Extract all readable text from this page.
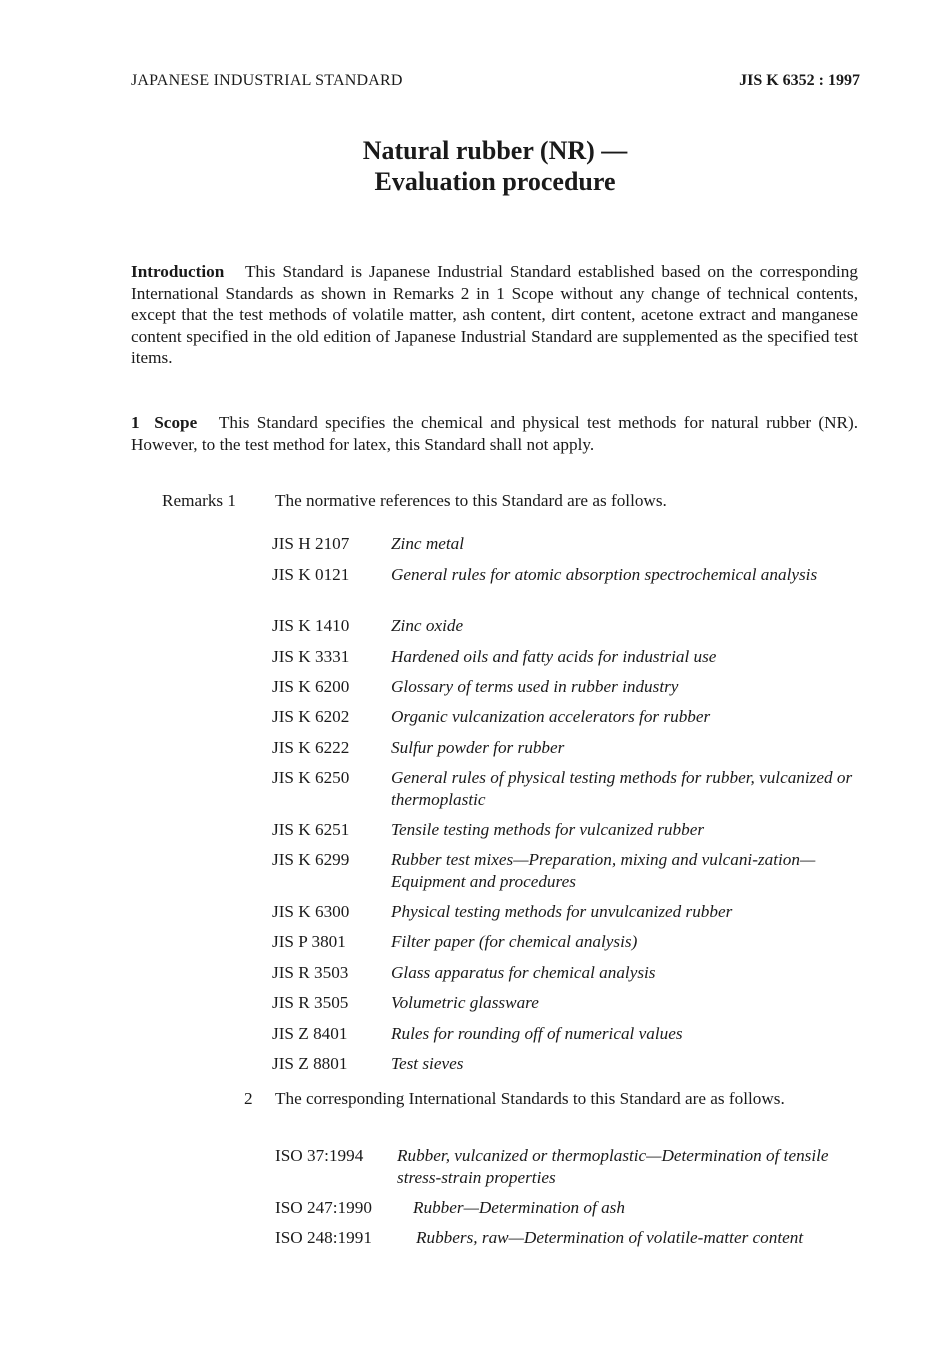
JAPANESE INDUSTRIAL STANDARD	JIS K 6352 : 1997
Natural rubber (NR) —
Evaluation procedure

Introduction This Standard is Japanese Industrial Standard established based on the corresponding International Standards as shown in Remarks 2 in 1 Scope without any change of technical contents, except that the test methods of volatile matter, ash content, dirt content, acetone extract and manganese content specified in the old edition of Japanese Industrial Standard are supplemented as the specified test items.

1 Scope This Standard specifies the chemical and physical test methods for natural rubber (NR). However, to the test method for latex, this Standard shall not apply.

Remarks 1 The normative references to this Standard are as follows.
JIS H 2107 Zinc metal
JIS K 0121 General rules for atomic absorption spectrochemical analysis
JIS K 1410 Zinc oxide
JIS K 3331 Hardened oils and fatty acids for industrial use
JIS K 6200 Glossary of terms used in rubber industry
JIS K 6202 Organic vulcanization accelerators for rubber
JIS K 6222 Sulfur powder for rubber
JIS K 6250 General rules of physical testing methods for rubber, vulcanized or thermoplastic
JIS K 6251 Tensile testing methods for vulcanized rubber
JIS K 6299 Rubber test mixes—Preparation, mixing and vulcani-zation—Equipment and procedures
JIS K 6300 Physical testing methods for unvulcanized rubber
JIS P 3801	Filter paper (for chemical analysis)
JIS R 3503 Glass apparatus for chemical analysis
JIS R 3505 Volumetric glassware
JIS Z 8401	Rules for rounding off of numerical values
JIS Z 8801	Test sieves
2 The corresponding International Standards to this Standard are as follows.
ISO 37:1994 Rubber, vulcanized or thermoplastic—Determination of tensile stress-strain properties
ISO 247:1990 Rubber—Determination of ash
ISO 248:1991	Rubbers, raw—Determination of volatile-matter content
